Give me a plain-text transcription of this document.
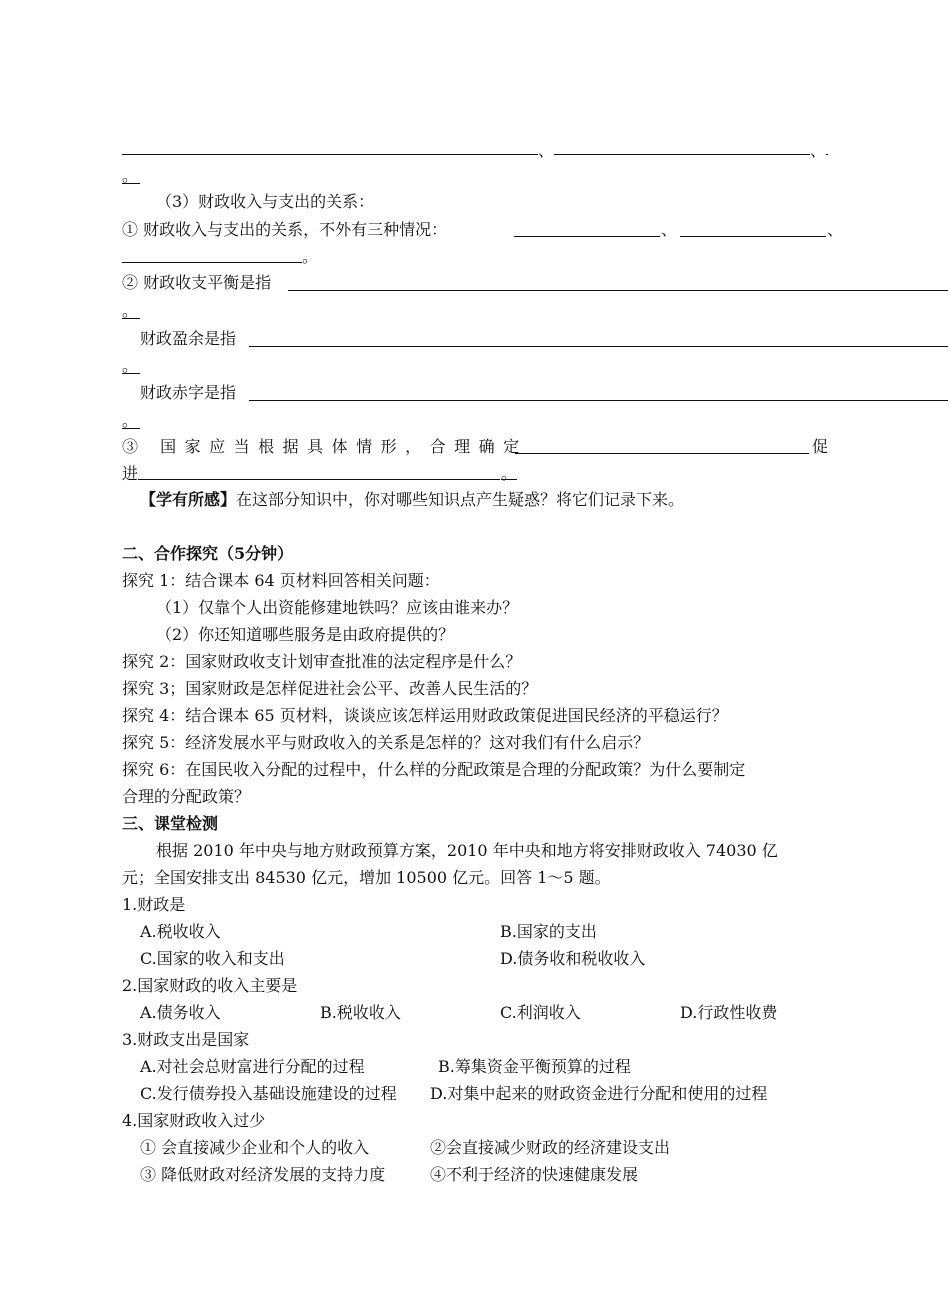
、	、
。
（3）财政收入与支出的关系：
① 财政收入与支出的关系，不外有三种情况：	、	、
。
② 财政收支平衡是指
。
财政盈余是指
。
财政赤字是指
。
③ 国家应当根据具体情形，合理确定	促
进	。
【学有所感】在这部分知识中，你对哪些知识点产生疑惑？将它们记录下来。
二、合作探究（5分钟）
探究 1：结合课本 64 页材料回答相关问题：
（1）仅靠个人出资能修建地铁吗？应该由谁来办？
（2）你还知道哪些服务是由政府提供的？
探究 2：国家财政收支计划审查批准的法定程序是什么？
探究 3；国家财政是怎样促进社会公平、改善人民生活的？
探究 4：结合课本 65 页材料，谈谈应该怎样运用财政政策促进国民经济的平稳运行？
探究 5：经济发展水平与财政收入的关系是怎样的？这对我们有什么启示？
探究 6：在国民收入分配的过程中，什么样的分配政策是合理的分配政策？为什么要制定
合理的分配政策？
三、课堂检测
根据 2010 年中央与地方财政预算方案，2010 年中央和地方将安排财政收入 74030 亿
元；全国安排支出 84530 亿元，增加 10500 亿元。回答 1～5 题。
1.财政是
A.税收收入	B.国家的支出
C.国家的收入和支出	D.债务收和税收收入
2.国家财政的收入主要是
A.债务收入	B.税收收入	C.利润收入	D.行政性收费
3.财政支出是国家
A.对社会总财富进行分配的过程	B.筹集资金平衡预算的过程
C.发行债券投入基础设施建设的过程 D.对集中起来的财政资金进行分配和使用的过程
4.国家财政收入过少
① 会直接减少企业和个人的收入	②会直接减少财政的经济建设支出
③ 降低财政对经济发展的支持力度	④不利于经济的快速健康发展
